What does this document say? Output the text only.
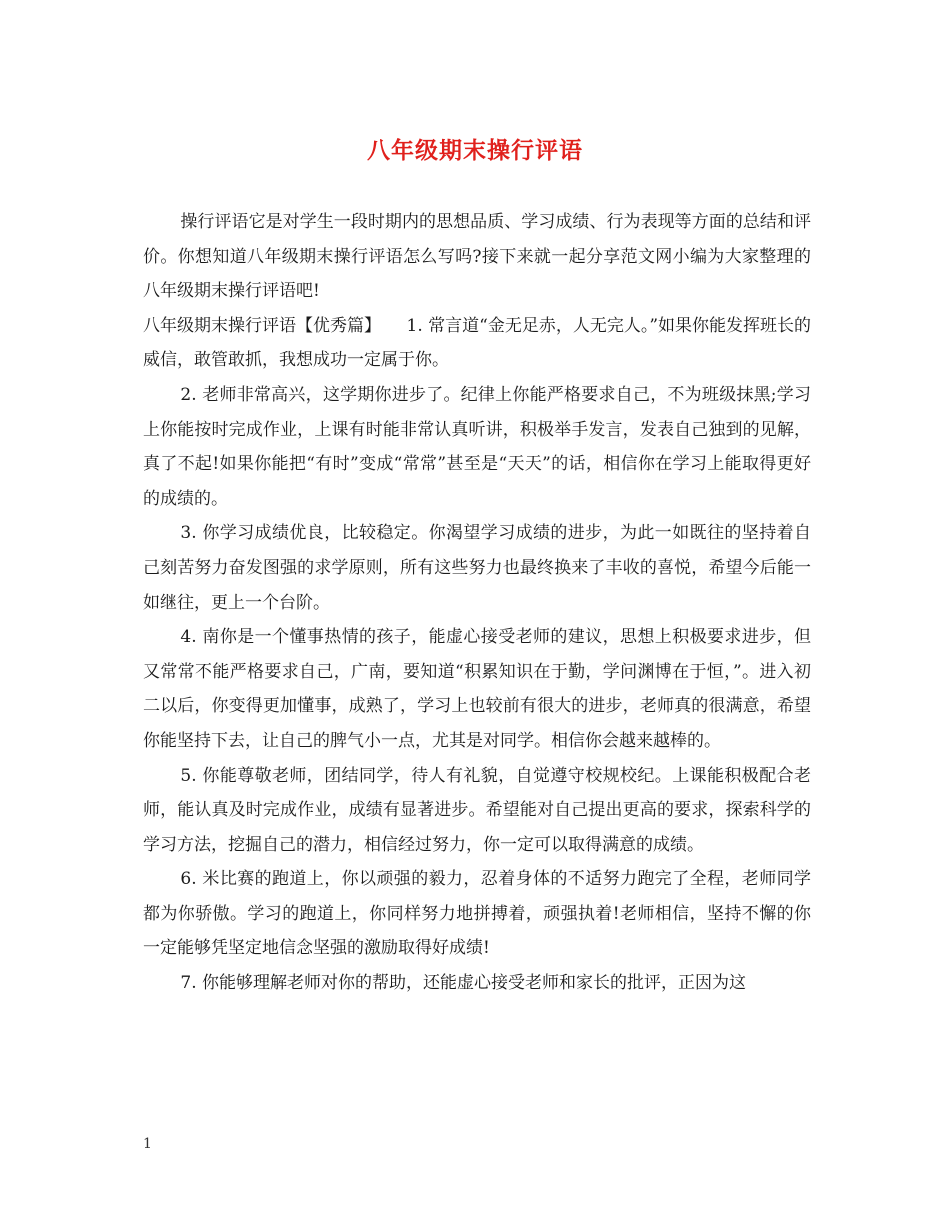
八年级期末操行评语

操行评语它是对学生一段时期内的思想品质、学习成绩、行为表现等方面的总结和评价。你想知道八年级期末操行评语怎么写吗?接下来就一起分享范文网小编为大家整理的八年级期末操行评语吧!

八年级期末操行评语【优秀篇】　　1. 常言道“金无足赤，人无完人。”如果你能发挥班长的威信，敢管敢抓，我想成功一定属于你。

2. 老师非常高兴，这学期你进步了。纪律上你能严格要求自己，不为班级抹黑;学习上你能按时完成作业，上课有时能非常认真听讲，积极举手发言，发表自己独到的见解，真了不起!如果你能把“有时”变成“常常”甚至是“天天”的话，相信你在学习上能取得更好的成绩的。

3. 你学习成绩优良，比较稳定。你渴望学习成绩的进步，为此一如既往的坚持着自己刻苦努力奋发图强的求学原则，所有这些努力也最终换来了丰收的喜悦，希望今后能一如继往，更上一个台阶。

4. 南你是一个懂事热情的孩子，能虚心接受老师的建议，思想上积极要求进步，但又常常不能严格要求自己，广南，要知道“积累知识在于勤，学问渊博在于恒，”。进入初二以后，你变得更加懂事，成熟了，学习上也较前有很大的进步，老师真的很满意，希望你能坚持下去，让自己的脾气小一点，尤其是对同学。相信你会越来越棒的。

5. 你能尊敬老师，团结同学，待人有礼貌，自觉遵守校规校纪。上课能积极配合老师，能认真及时完成作业，成绩有显著进步。希望能对自己提出更高的要求，探索科学的学习方法，挖掘自己的潜力，相信经过努力，你一定可以取得满意的成绩。

6. 米比赛的跑道上，你以顽强的毅力，忍着身体的不适努力跑完了全程，老师同学都为你骄傲。学习的跑道上，你同样努力地拼搏着，顽强执着!老师相信，坚持不懈的你一定能够凭坚定地信念坚强的激励取得好成绩!

7. 你能够理解老师对你的帮助，还能虚心接受老师和家长的批评，正因为这

1
